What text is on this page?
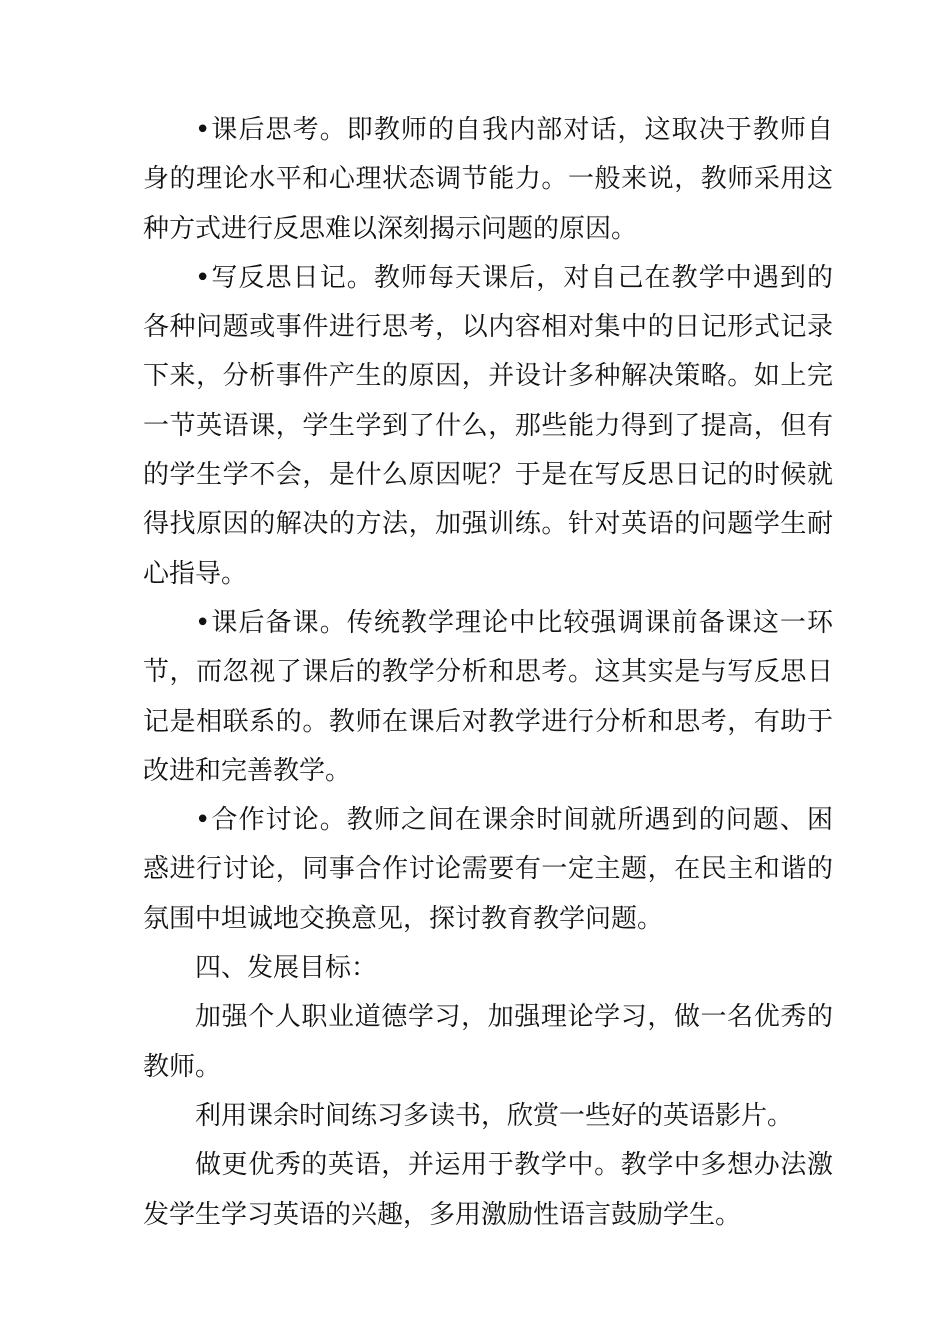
•课后思考。即教师的自我内部对话，这取决于教师自身的理论水平和心理状态调节能力。一般来说，教师采用这种方式进行反思难以深刻揭示问题的原因。

•写反思日记。教师每天课后，对自己在教学中遇到的各种问题或事件进行思考，以内容相对集中的日记形式记录下来，分析事件产生的原因，并设计多种解决策略。如上完一节英语课，学生学到了什么，那些能力得到了提高，但有的学生学不会，是什么原因呢？于是在写反思日记的时候就得找原因的解决的方法，加强训练。针对英语的问题学生耐心指导。

•课后备课。传统教学理论中比较强调课前备课这一环节，而忽视了课后的教学分析和思考。这其实是与写反思日记是相联系的。教师在课后对教学进行分析和思考，有助于改进和完善教学。

•合作讨论。教师之间在课余时间就所遇到的问题、困惑进行讨论，同事合作讨论需要有一定主题，在民主和谐的氛围中坦诚地交换意见，探讨教育教学问题。

四、发展目标：

加强个人职业道德学习，加强理论学习，做一名优秀的教师。

利用课余时间练习多读书，欣赏一些好的英语影片。

做更优秀的英语，并运用于教学中。教学中多想办法激发学生学习英语的兴趣，多用激励性语言鼓励学生。
